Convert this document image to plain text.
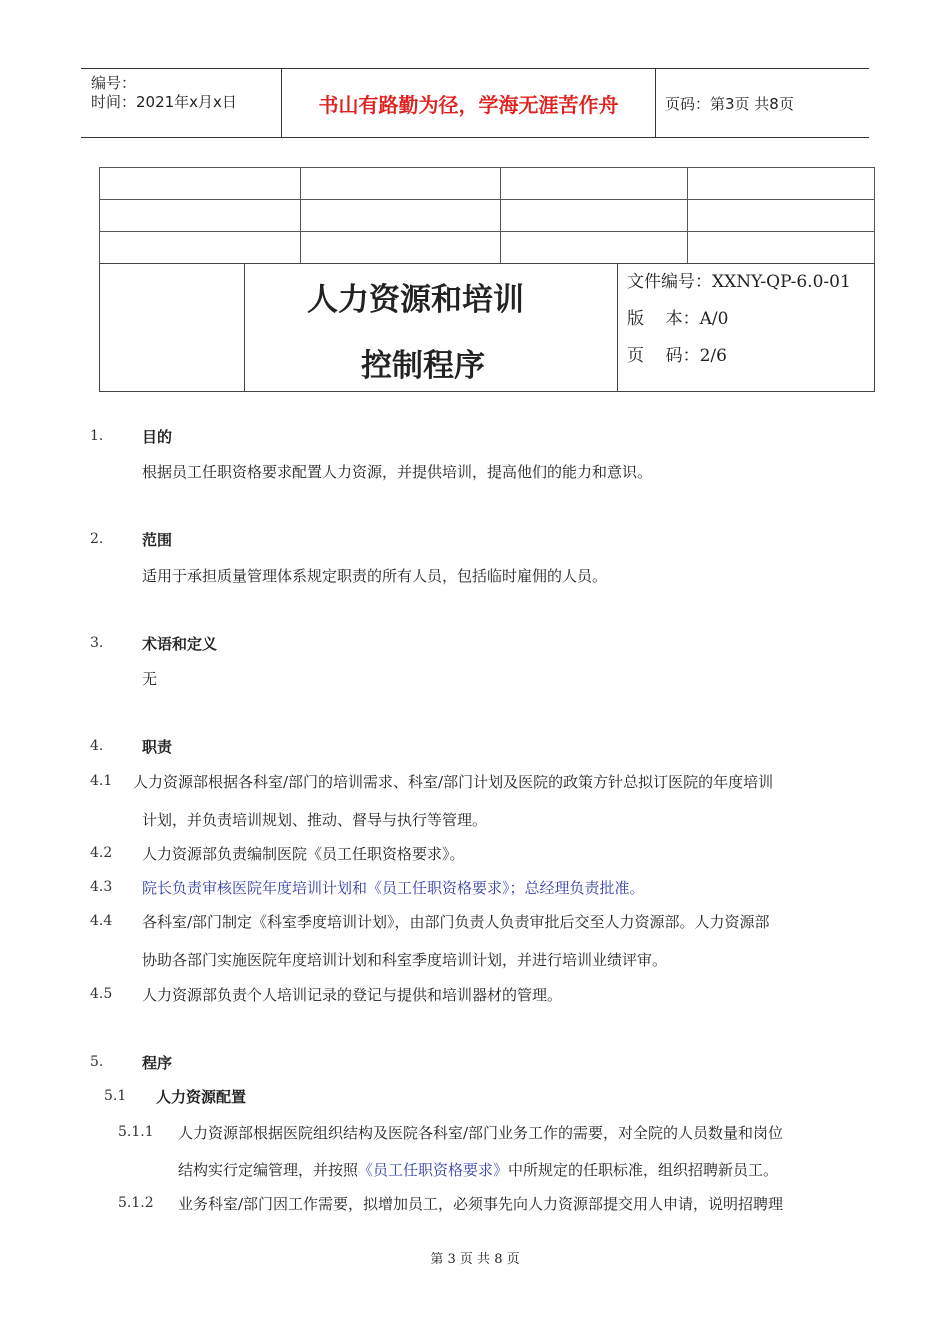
编号：
时间：2021年x月x日	书山有路勤为径，学海无涯苦作舟	页码：第3页 共8页

人力资源和培训
控制程序
文件编号：XXNY-QP-6.0-01
版    本：A/0
页    码：2/6
1.	目的
根据员工任职资格要求配置人力资源，并提供培训，提高他们的能力和意识。
2.	范围
适用于承担质量管理体系规定职责的所有人员，包括临时雇佣的人员。
3.	术语和定义
无
4.	职责
4.1 人力资源部根据各科室/部门的培训需求、科室/部门计划及医院的政策方针总拟订医院的年度培训
计划，并负责培训规划、推动、督导与执行等管理。
4.2 人力资源部负责编制医院《员工任职资格要求》。
4.3 院长负责审核医院年度培训计划和《员工任职资格要求》；总经理负责批准。
4.4 各科室/部门制定《科室季度培训计划》，由部门负责人负责审批后交至人力资源部。人力资源部
协助各部门实施医院年度培训计划和科室季度培训计划，并进行培训业绩评审。
4.5 人力资源部负责个人培训记录的登记与提供和培训器材的管理。
5.	程序
5.1 人力资源配置
5.1.1 人力资源部根据医院组织结构及医院各科室/部门业务工作的需要，对全院的人员数量和岗位
结构实行定编管理，并按照《员工任职资格要求》中所规定的任职标准，组织招聘新员工。
5.1.2 业务科室/部门因工作需要，拟增加员工，必须事先向人力资源部提交用人申请，说明招聘理
第 3 页 共 8 页
